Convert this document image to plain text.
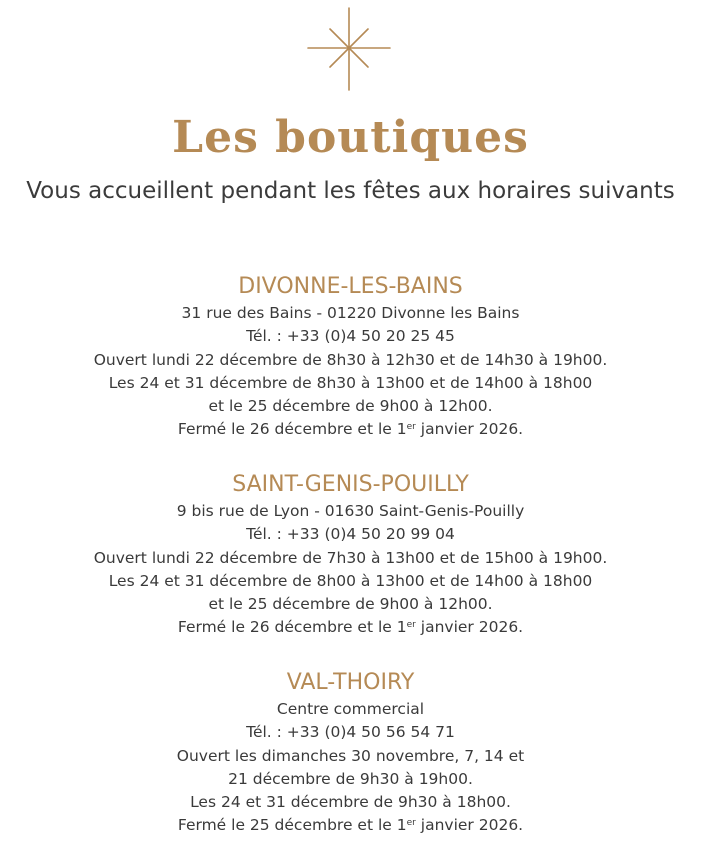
Les boutiques
Vous accueillent pendant les fêtes aux horaires suivants
DIVONNE-LES-BAINS
31 rue des Bains - 01220 Divonne les Bains
Tél. : +33 (0)4 50 20 25 45
Ouvert lundi 22 décembre de 8h30 à 12h30 et de 14h30 à 19h00.
Les 24 et 31 décembre de 8h30 à 13h00 et de 14h00 à 18h00
et le 25 décembre de 9h00 à 12h00.
Fermé le 26 décembre et le 1er janvier 2026.
SAINT-GENIS-POUILLY
9 bis rue de Lyon - 01630 Saint-Genis-Pouilly
Tél. : +33 (0)4 50 20 99 04
Ouvert lundi 22 décembre de 7h30 à 13h00 et de 15h00 à 19h00.
Les 24 et 31 décembre de 8h00 à 13h00 et de 14h00 à 18h00
et le 25 décembre de 9h00 à 12h00.
Fermé le 26 décembre et le 1er janvier 2026.
VAL-THOIRY
Centre commercial
Tél. : +33 (0)4 50 56 54 71
Ouvert les dimanches 30 novembre, 7, 14 et
21 décembre de 9h30 à 19h00.
Les 24 et 31 décembre de 9h30 à 18h00.
Fermé le 25 décembre et le 1er janvier 2026.
